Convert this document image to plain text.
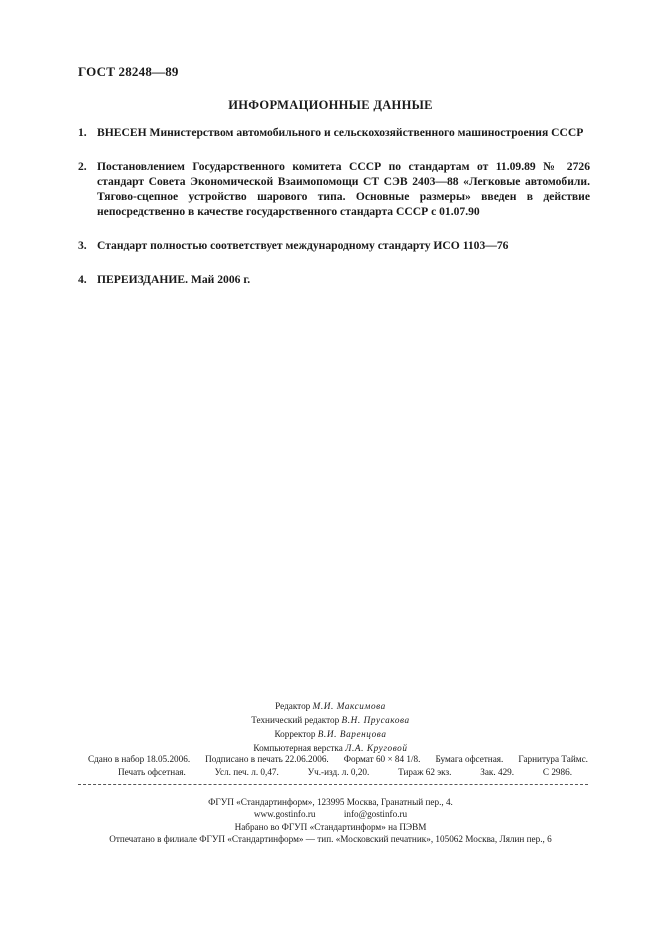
ГОСТ 28248—89
ИНФОРМАЦИОННЫЕ ДАННЫЕ
1. ВНЕСЕН Министерством автомобильного и сельскохозяйственного машиностроения СССР
2. Постановлением Государственного комитета СССР по стандартам от 11.09.89 № 2726 стандарт Совета Экономической Взаимопомощи СТ СЭВ 2403—88 «Легковые автомобили. Тягово-сцепное устройство шарового типа. Основные размеры» введен в действие непосредственно в качестве государственного стандарта СССР с 01.07.90
3. Стандарт полностью соответствует международному стандарту ИСО 1103—76
4. ПЕРЕИЗДАНИЕ. Май 2006 г.
Редактор М.И. Максимова
Технический редактор В.Н. Прусакова
Корректор В.И. Варенцова
Компьютерная верстка Л.А. Круговой
Сдано в набор 18.05.2006. Подписано в печать 22.06.2006. Формат 60 × 84 1/8. Бумага офсетная. Гарнитура Таймс.
Печать офсетная.	Усл. печ. л. 0,47.	Уч.-изд. л. 0,20.	Тираж 62 экз.	Зак. 429.	С 2986.
ФГУП «Стандартинформ», 123995 Москва, Гранатный пер., 4.
www.gostinfo.ru	info@gostinfo.ru
Набрано во ФГУП «Стандартинформ» на ПЭВМ
Отпечатано в филиале ФГУП «Стандартинформ» — тип. «Московский печатник», 105062 Москва, Лялин пер., 6
